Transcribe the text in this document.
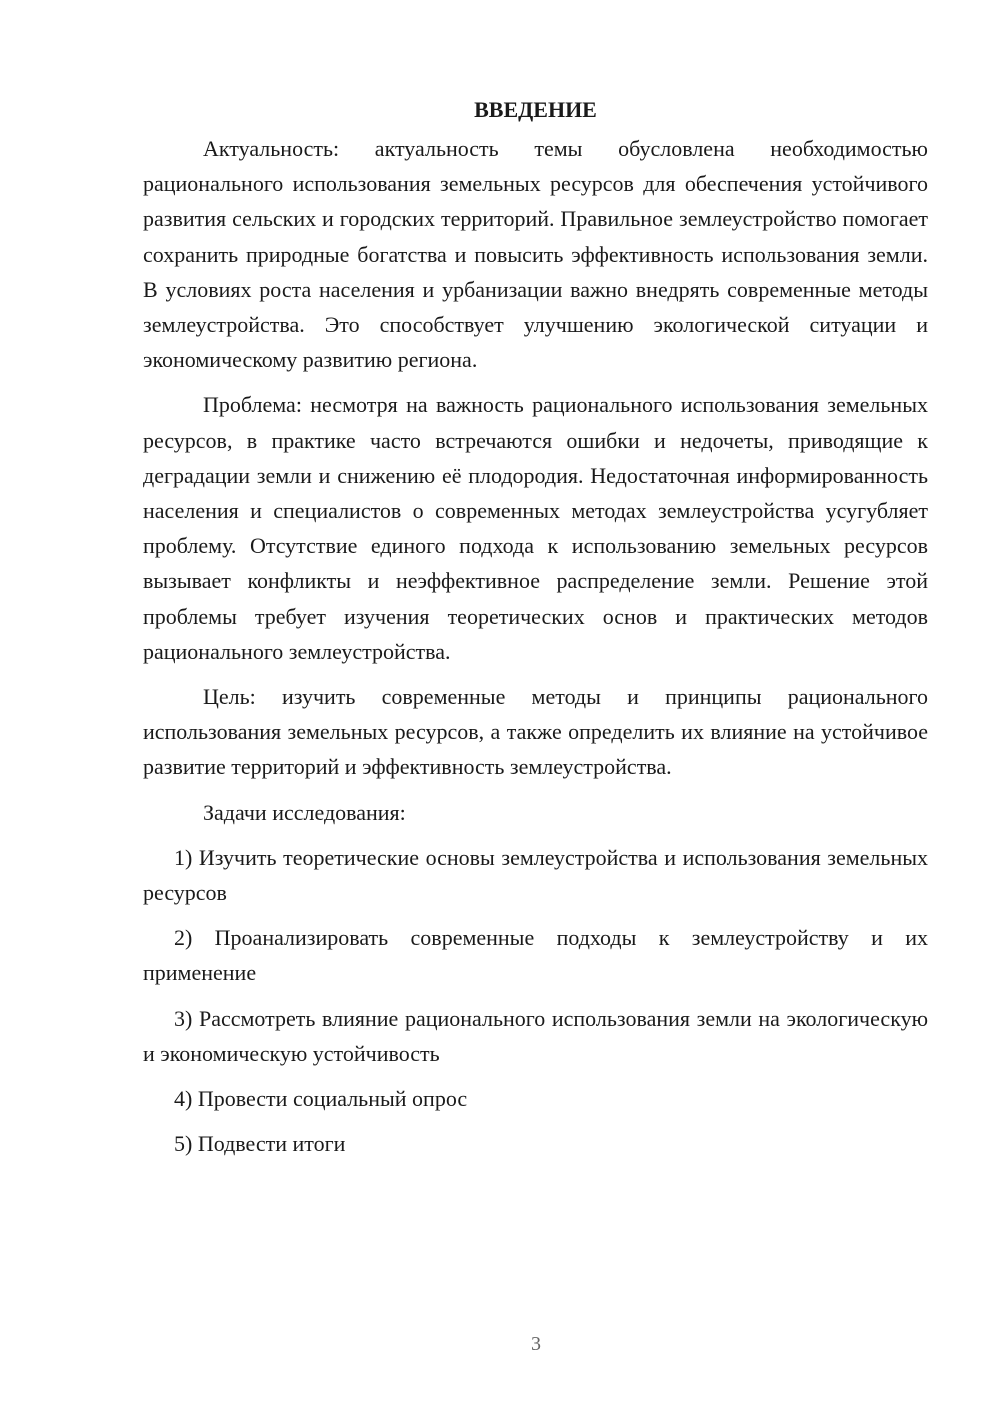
ВВЕДЕНИЕ

Актуальность: актуальность темы обусловлена необходимостью рационального использования земельных ресурсов для обеспечения устойчивого развития сельских и городских территорий. Правильное землеустройство помогает сохранить природные богатства и повысить эффективность использования земли. В условиях роста населения и урбанизации важно внедрять современные методы землеустройства. Это способствует улучшению экологической ситуации и экономическому развитию региона.

Проблема: несмотря на важность рационального использования земельных ресурсов, в практике часто встречаются ошибки и недочеты, приводящие к деградации земли и снижению её плодородия. Недостаточная информированность населения и специалистов о современных методах землеустройства усугубляет проблему. Отсутствие единого подхода к использованию земельных ресурсов вызывает конфликты и неэффективное распределение земли. Решение этой проблемы требует изучения теоретических основ и практических методов рационального землеустройства.

Цель: изучить современные методы и принципы рационального использования земельных ресурсов, а также определить их влияние на устойчивое развитие территорий и эффективность землеустройства.

Задачи исследования:

1) Изучить теоретические основы землеустройства и использования земельных ресурсов
2) Проанализировать современные подходы к землеустройству и их применение
3) Рассмотреть влияние рационального использования земли на экологическую и экономическую устойчивость
4) Провести социальный опрос
5) Подвести итоги
3
